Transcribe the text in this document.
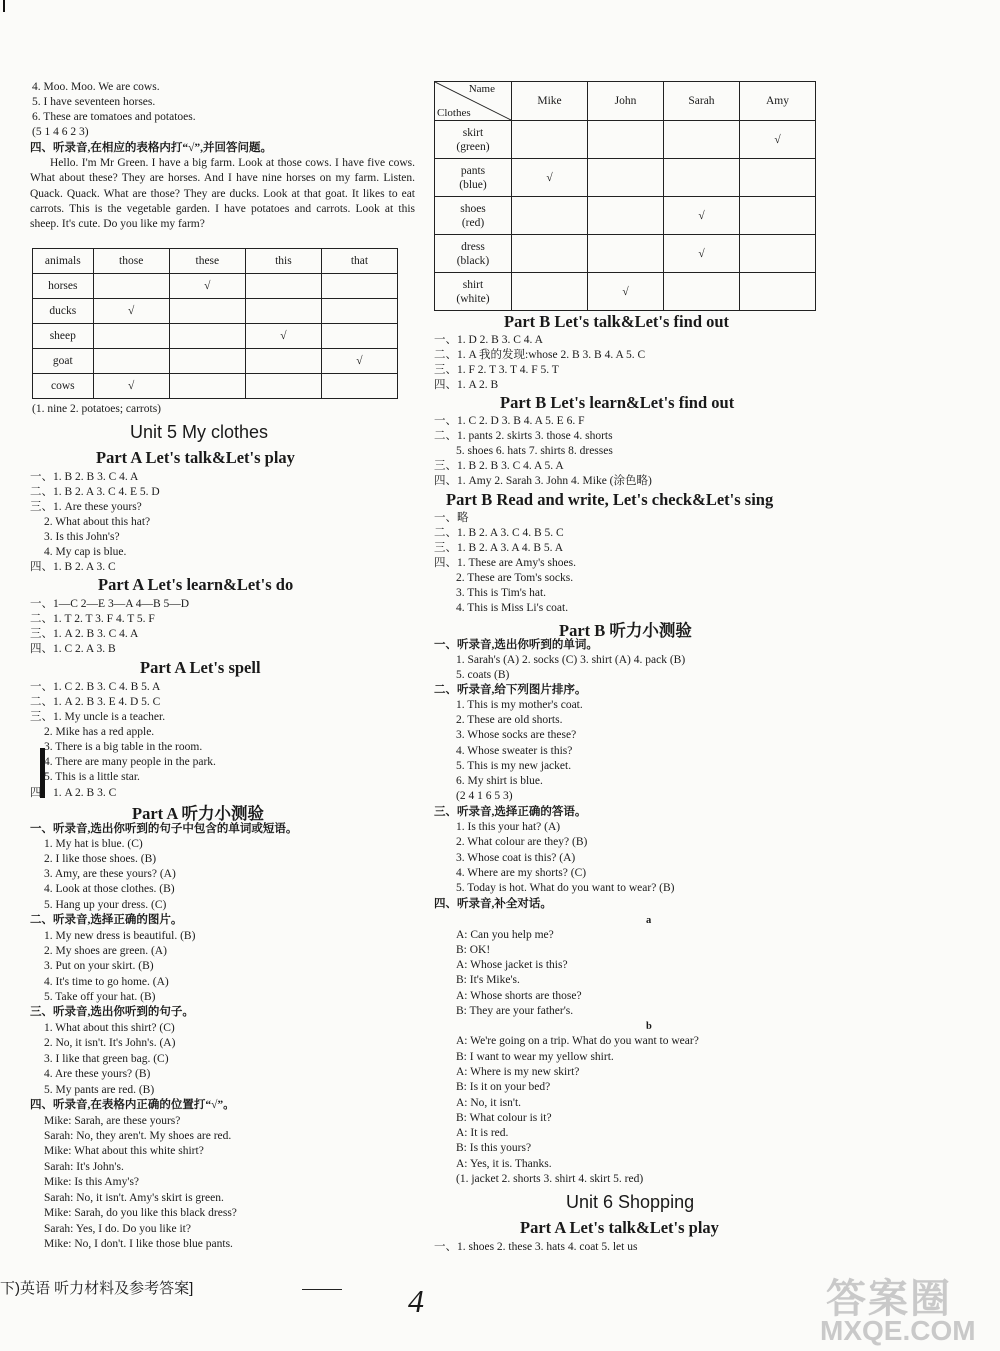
4. Moo. Moo. We are cows.
5. I have seventeen horses.
6. These are tomatoes and potatoes.
(5 1 4 6 2 3)
四、听录音,在相应的表格内打“√”,并回答问题。
Hello. I'm Mr Green. I have a big farm. Look at those cows. I have five cows. What about these? They are horses. And I have nine horses on my farm. Listen. Quack. Quack. What are those? They are ducks. Look at that goat. It likes to eat carrots. This is the vegetable garden. I have potatoes and carrots. Look at this sheep. It's cute. Do you like my farm?
animals	those	these	this	that
horses		√		
ducks	√			
sheep			√	
goat				√
cows	√			
(1. nine 2. potatoes; carrots)
Unit 5 My clothes
Part A Let's talk&Let's play
一、1. B 2. B 3. C 4. A
二、1. B 2. A 3. C 4. E 5. D
三、1. Are these yours?
2. What about this hat?
3. Is this John's?
4. My cap is blue.
四、1. B 2. A 3. C
Part A Let's learn&Let's do
一、1—C 2—E 3—A 4—B 5—D
二、1. T 2. T 3. F 4. T 5. F
三、1. A 2. B 3. C 4. A
四、1. C 2. A 3. B
Part A Let's spell
一、1. C 2. B 3. C 4. B 5. A
二、1. A 2. B 3. E 4. D 5. C
三、1. My uncle is a teacher.
2. Mike has a red apple.
3. There is a big table in the room.
4. There are many people in the park.
5. This is a little star.
四、1. A 2. B 3. C
Part A 听力小测验
一、听录音,选出你听到的句子中包含的单词或短语。
1. My hat is blue. (C)
2. I like those shoes. (B)
3. Amy, are these yours? (A)
4. Look at those clothes. (B)
5. Hang up your dress. (C)
二、听录音,选择正确的图片。
1. My new dress is beautiful. (B)
2. My shoes are green. (A)
3. Put on your skirt. (B)
4. It's time to go home. (A)
5. Take off your hat. (B)
三、听录音,选出你听到的句子。
1. What about this shirt? (C)
2. No, it isn't. It's John's. (A)
3. I like that green bag. (C)
4. Are these yours? (B)
5. My pants are red. (B)
四、听录音,在表格内正确的位置打“√”。
Mike: Sarah, are these yours?
Sarah: No, they aren't. My shoes are red.
Mike: What about this white shirt?
Sarah: It's John's.
Mike: Is this Amy's?
Sarah: No, it isn't. Amy's skirt is green.
Mike: Sarah, do you like this black dress?
Sarah: Yes, I do. Do you like it?
Mike: No, I don't. I like those blue pants.
Name
Clothes	Mike	John	Sarah	Amy
skirt
(green)				√
pants
(blue)	√			
shoes
(red)			√	
dress
(black)			√	
shirt
(white)		√		
Part B Let's talk&Let's find out
一、1. D 2. B 3. C 4. A
二、1. A 我的发现:whose 2. B 3. B 4. A 5. C
三、1. F 2. T 3. T 4. F 5. T
四、1. A 2. B
Part B Let's learn&Let's find out
一、1. C 2. D 3. B 4. A 5. E 6. F
二、1. pants 2. skirts 3. those 4. shorts
5. shoes 6. hats 7. shirts 8. dresses
三、1. B 2. B 3. C 4. A 5. A
四、1. Amy 2. Sarah 3. John 4. Mike (涂色略)
Part B Read and write, Let's check&Let's sing
一、略
二、1. B 2. A 3. C 4. B 5. C
三、1. B 2. A 3. A 4. B 5. A
四、1. These are Amy's shoes.
2. These are Tom's socks.
3. This is Tim's hat.
4. This is Miss Li's coat.
Part B 听力小测验
一、听录音,选出你听到的单词。
1. Sarah's (A) 2. socks (C) 3. shirt (A) 4. pack (B)
5. coats (B)
二、听录音,给下列图片排序。
1. This is my mother's coat.
2. These are old shorts.
3. Whose socks are these?
4. Whose sweater is this?
5. This is my new jacket.
6. My shirt is blue.
(2 4 1 6 5 3)
三、听录音,选择正确的答语。
1. Is this your hat? (A)
2. What colour are they? (B)
3. Whose coat is this? (A)
4. Where are my shorts? (C)
5. Today is hot. What do you want to wear? (B)
四、听录音,补全对话。
a
A: Can you help me?
B: OK!
A: Whose jacket is this?
B: It's Mike's.
A: Whose shorts are those?
B: They are your father's.
b
A: We're going on a trip. What do you want to wear?
B: I want to wear my yellow shirt.
A: Where is my new skirt?
B: Is it on your bed?
A: No, it isn't.
B: What colour is it?
A: It is red.
B: Is this yours?
A: Yes, it is. Thanks.
(1. jacket 2. shorts 3. shirt 4. skirt 5. red)
Unit 6 Shopping
Part A Let's talk&Let's play
一、1. shoes 2. these 3. hats 4. coat 5. let us
下)英语 听力材料及参考答案]	4	答案圈
MXQE.COM
